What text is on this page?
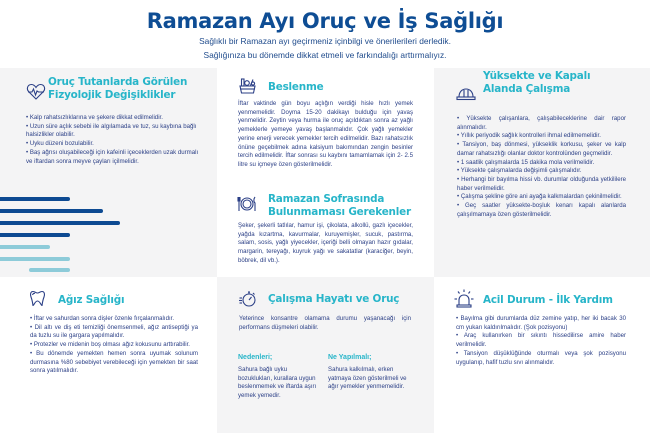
Ramazan Ayı Oruç ve İş Sağlığı
Sağlıklı bir Ramazan ayı geçirmeniz içinbilgi ve önerilerileri derledik.
Sağlığınıza bu dönemde dikkat etmeli ve farkındalığı arttırmalıyız.
Oruç Tutanlarda Görülen
Fizyolojik Değişiklikler

• Kalp rahatsızlıklarına ve şekere dikkat edilmelidir.

• Uzun süre açlık sebebi ile algılamada ve tuz, su kaybına bağlı halsizlikler olabilir.

• Uyku düzeni bozulabilir.

• Baş ağrısı oluşabileceği için kafeinli içeceklerden uzak durmalı ve iftardan sonra meyve çayları içilmelidir.

Beslenme
İftar vaktinde gün boyu açlığın verdiği hisle hızlı yemek yenmemelidir. Doyma 15-20 dakikayı bulduğu için yavaş yenmelidir. Zeytin veya hurma ile oruç açıldıktan sonra az yağlı yemeklerle yemeye yavaş başlanmalıdır. Çok yağlı yemekler yerine enerji verecek yemekler tercih edilmelidir. Bazı rahatsızlık önüne geçebilmek adına kalsiyum bakımından zengin besinler tercih edilmelidir. İftar sonrası su kaybını tamamlamak için 2- 2.5 litre su içmeye özen gösterilmelidir.
Ramazan Sofrasında
Bulunmaması Gerekenler
Şeker, şekerli tatlılar, hamur işi, çikolata, alkollü, gazlı içecekler, yağda kızartma, kavurmalar, kuruyemişler, sucuk, pastırma, salam, sosis, yağlı yiyecekler, içeriği belli olmayan hazır gıdalar, margarin, tereyağı, kuyruk yağı ve sakatatlar (karaciğer, beyin, böbrek, dil vb.).
Yüksekte ve Kapalı
Alanda Çalışma

• Yüksekte çalışanlara, çalışabileceklerine dair rapor alınmalıdır.

• Yıllık periyodik sağlık kontrolleri ihmal edilmemelidir.

• Tansiyon, baş dönmesi, yükseklik korkusu, şeker ve kalp damar rahatsızlığı olanlar doktor kontrolünden geçmelidir.

• 1 saatlik çalışmalarda 15 dakika mola verilmelidir.

• Yüksekte çalışmalarda değişimli çalışmalıdır.

• Herhangi bir bayılma hissi vb. durumlar olduğunda yetkililere haber verilmelidir.

• Çalışma şekline göre ani ayağa kalkmalardan çekinilmelidir.

• Geç saatler yüksekte-boşluk kenarı kapalı alanlarda çalışılmamaya özen gösterilmelidir.

Ağız Sağlığı

• İftar ve sahurdan sonra dişler özenle fırçalanmalıdır.

• Dil altı ve diş eti temizliği önemsenmeli, ağız antiseptiği ya da tuzlu su ile gargara yapılmalıdır.

• Protezler ve midenin boş olması ağız kokusunu arttırabilir.

• Bu dönemde yemekten hemen sonra uyumak solunum durmasına %80 sebebiyet verebileceği için yemekten bir saat sonra yatılmalıdır.

Çalışma Hayatı ve Oruç
Yeterince konsantre olamama durumu yaşanacağı için performans düşmeleri olabilir.
Nedenleri;
Sahura bağlı uyku bozuklukları, kurallara uygun beslenmemek ve iftarda aşırı yemek yemedir.
Ne Yapılmalı;
Sahura kalkılmalı, erken yatmaya özen gösterilmeli ve ağır yemekler yenmemelidir.
Acil Durum - İlk Yardım

• Bayılma gibi durumlarda düz zemine yatıp, her iki bacak 30 cm yukarı kaldırılmalıdır. (Şok pozisyonu)

• Araç kullanırken bir sıkıntı hissedilirse amire haber verilmelidir.

• Tansiyon düşüklüğünde oturmalı veya şok pozisyonu uygulanıp, hafif tuzlu sıvı alınmalıdır.
